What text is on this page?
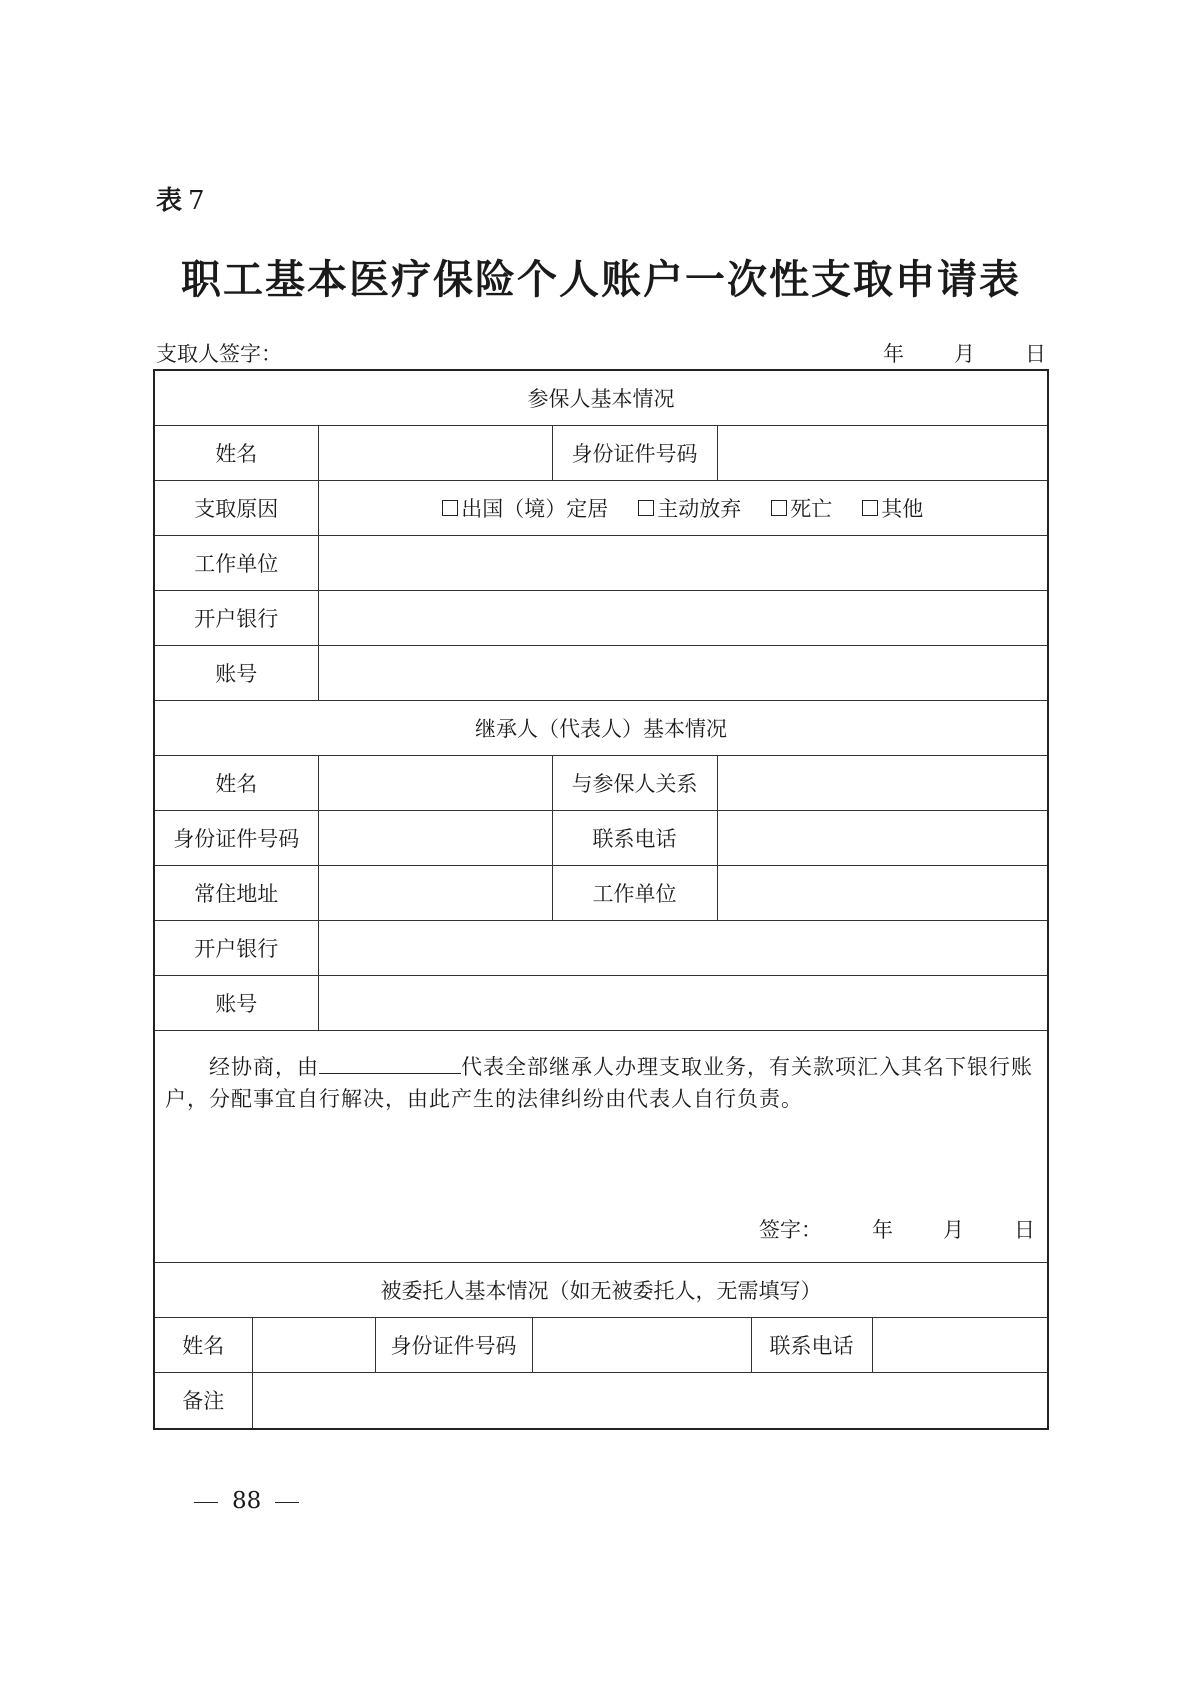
表 7
职工基本医疗保险个人账户一次性支取申请表
支取人签字：	年 月 日
参保人基本情况
姓名		身份证件号码	
支取原因	出国（境）定居 主动放弃 死亡 其他

工作单位	
开户银行	
账号	
继承人（代表人）基本情况
姓名		与参保人关系	
身份证件号码		联系电话	
常住地址		工作单位	
开户银行	
账号	

经协商，由	代表全部继承人办理支取业务，有关款项汇入其名下银行账户，分配事宜自行解决，由此产生的法律纠纷由代表人自行负责。
签字： 年 月 日

被委托人基本情况（如无被委托人，无需填写）

姓名		身份证件号码		联系电话	
备注	
88
